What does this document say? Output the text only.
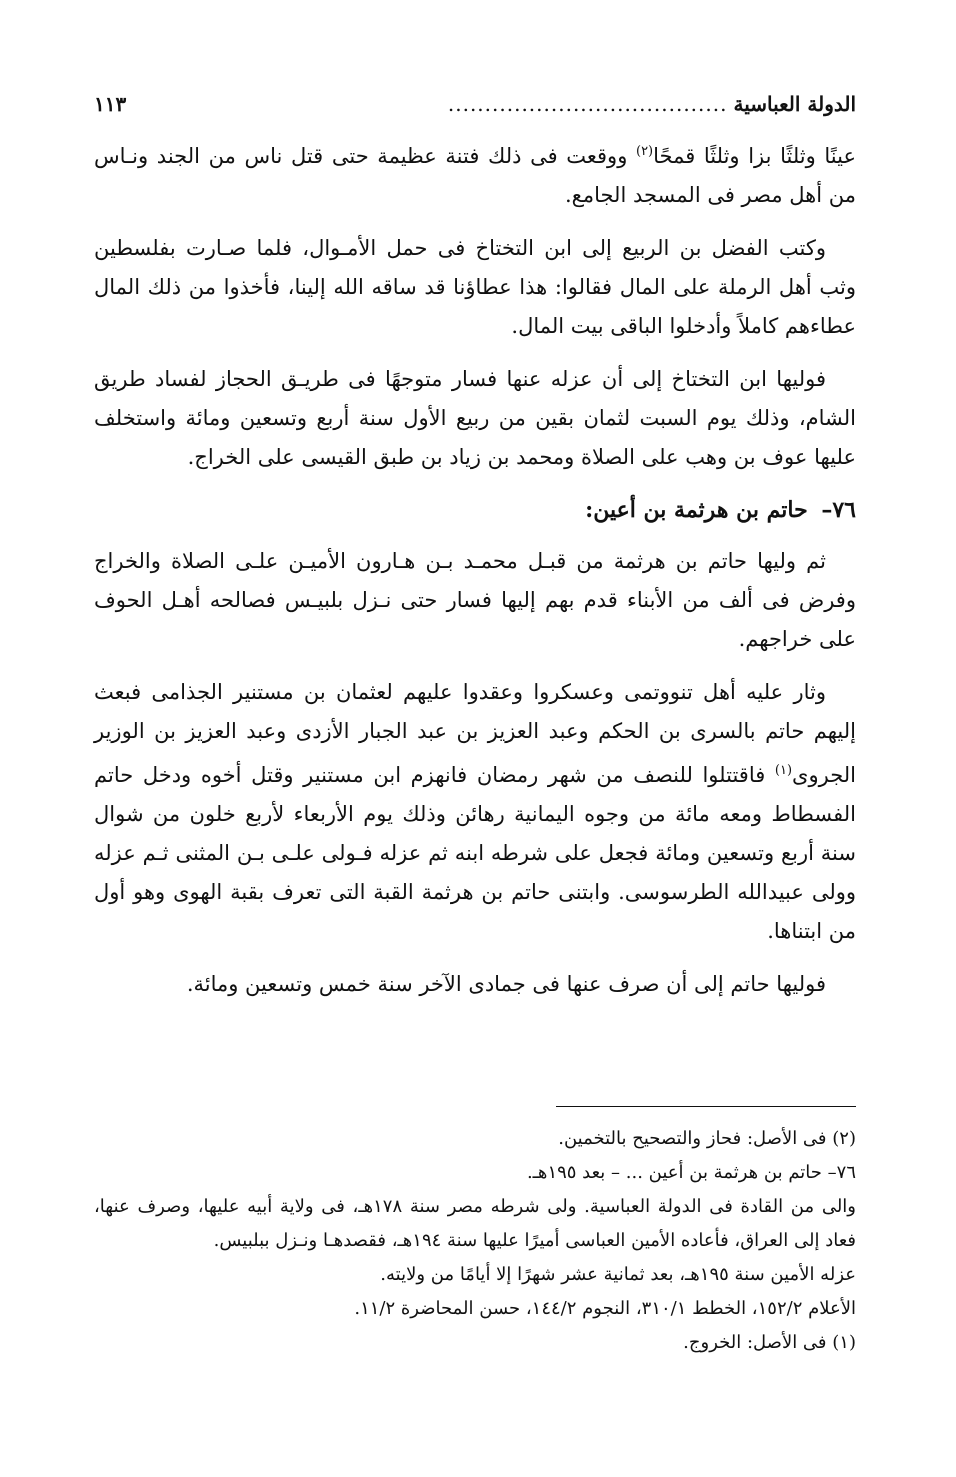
الدولة العباسية
......................................
١١٣

عينًا وثلثًا بزا وثلثًا قمحًا$^{(٢)}$ ووقعت فى ذلك فتنة عظيمة حتى قتل ناس من الجند ونـاس من أهل مصر فى المسجد الجامع.

وكتب الفضل بن الربيع إلى ابن التختاخ فى حمل الأمـوال، فلما صـارت بفلسطين وثب أهل الرملة على المال فقالوا: هذا عطاؤنا قد ساقه الله إلينا، فأخذوا من ذلك المال عطاءهم كاملاً وأدخلوا الباقى بيت المال.

فوليها ابن التختاخ إلى أن عزله عنها فسار متوجهًا فى طريـق الحجاز لفساد طريق الشام، وذلك يوم السبت لثمان بقين من ربيع الأول سنة أربع وتسعين ومائة واستخلف عليها عوف بن وهب على الصلاة ومحمد بن زياد بن طبق القيسى على الخراج.

٧٦– حاتم بن هرثمة بن أعين:

ثم وليها حاتم بن هرثمة من قبـل محمـد بـن هـارون الأميـن علـى الصلاة والخراج وفرض فى ألف من الأبناء قدم بهم إليها فسار حتى نـزل بلبيـس فصالحه أهـل الحوف على خراجهم.

وثار عليه أهل تنووتمى وعسكروا وعقدوا عليهم لعثمان بن مستنير الجذامى فبعث إليهم حاتم بالسرى بن الحكم وعبد العزيز بن عبد الجبار الأزدى وعبد العزيز بن الوزير الجروى$^{(١)}$ فاقتتلوا للنصف من شهر رمضان فانهزم ابن مستنير وقتل أخوه ودخل حاتم الفسطاط ومعه مائة من وجوه اليمانية رهائن وذلك يوم الأربعاء لأربع خلون من شوال سنة أربع وتسعين ومائة فجعل على شرطه ابنه ثم عزله فـولى علـى بـن المثنى ثـم عزله وولى عبيدالله الطرسوسى. وابتنى حاتم بن هرثمة القبة التى تعرف بقبة الهوى وهو أول من ابتناها.

فوليها حاتم إلى أن صرف عنها فى جمادى الآخر سنة خمس وتسعين ومائة.

(٢) فى الأصل: فحاز والتصحيح بالتخمين.

٧٦– حاتم بن هرثمة بن أعين ... – بعد ١٩٥هـ.

والى من القادة فى الدولة العباسية. ولى شرطه مصر سنة ١٧٨هـ، فى ولاية أبيه عليها، وصرف عنها، فعاد إلى العراق، فأعاده الأمين العباسى أميرًا عليها سنة ١٩٤هـ، فقصدهـا ونـزل ببلبيس.

عزله الأمين سنة ١٩٥هـ، بعد ثمانية عشر شهرًا إلا أيامًا من ولايته.

الأعلام ١٥٢/٢، الخطط ٣١٠/١، النجوم ١٤٤/٢، حسن المحاضرة ١١/٢.

(١) فى الأصل: الخروج.
